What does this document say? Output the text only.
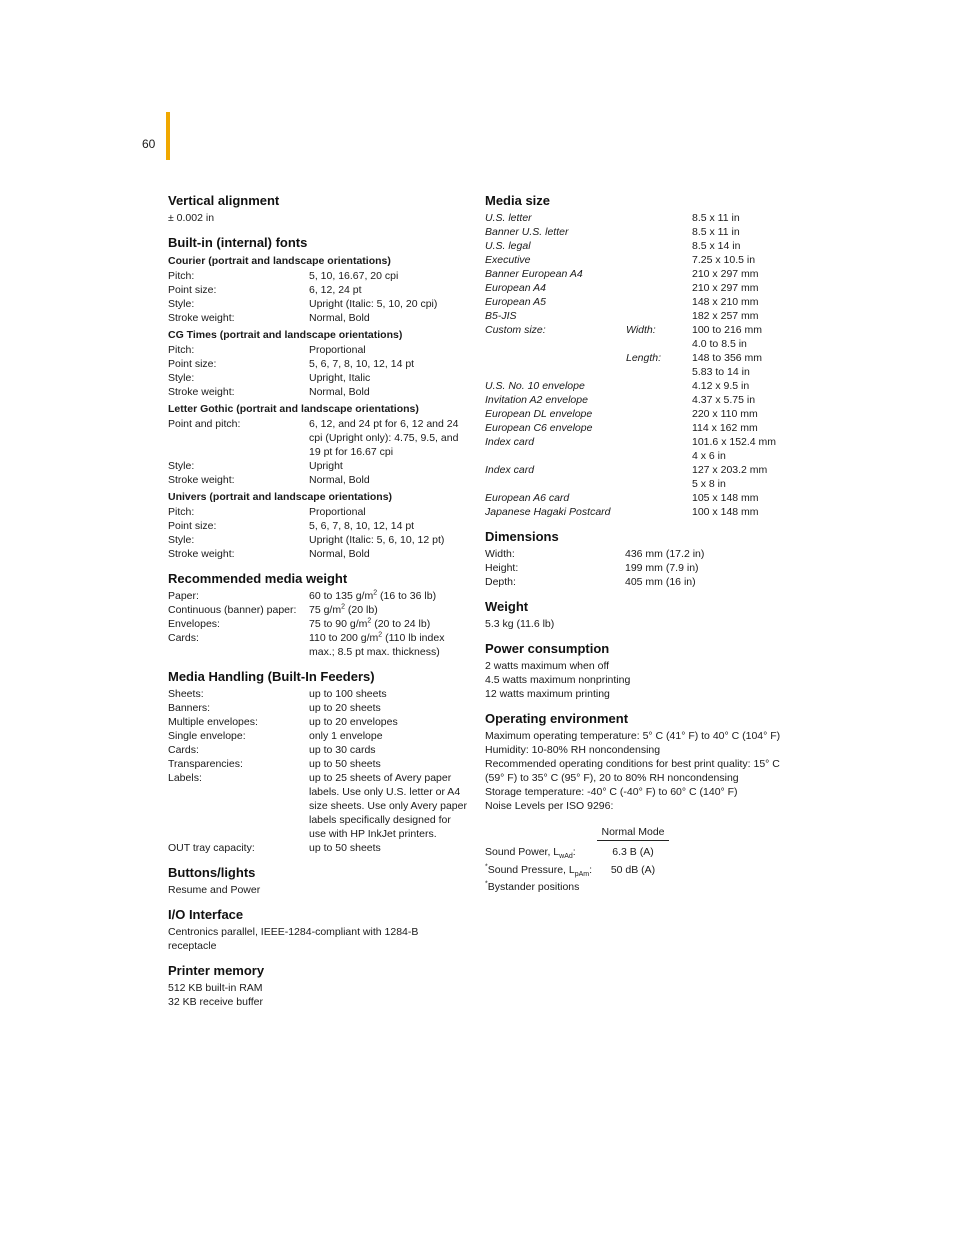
60
Vertical alignment
± 0.002 in
Built-in (internal) fonts
Courier (portrait and landscape orientations)
Pitch:	5, 10, 16.67, 20 cpi
Point size:	6, 12, 24 pt
Style:	Upright (Italic: 5, 10, 20 cpi)
Stroke weight:	Normal, Bold
CG Times (portrait and landscape orientations)
Pitch:	Proportional
Point size:	5, 6, 7, 8, 10, 12, 14 pt
Style:	Upright, Italic
Stroke weight:	Normal, Bold
Letter Gothic (portrait and landscape orientations)
Point and pitch:	6, 12, and 24 pt for 6, 12 and 24 cpi (Upright only): 4.75, 9.5, and 19 pt for 16.67 cpi
Style:	Upright
Stroke weight:	Normal, Bold
Univers (portrait and landscape orientations)
Pitch:	Proportional
Point size:	5, 6, 7, 8, 10, 12, 14 pt
Style:	Upright (Italic: 5, 6, 10, 12 pt)
Stroke weight:	Normal, Bold
Recommended media weight
Paper:	60 to 135 $g/m^2$ (16 to 36 lb)
Continuous (banner) paper:	75 $g/m^2$ (20 lb)
Envelopes:	75 to 90 $g/m^2$ (20 to 24 lb)
Cards:	110 to 200 $g/m^2$ (110 lb index max.; 8.5 pt max. thickness)
Media Handling (Built-In Feeders)
Sheets:	up to 100 sheets
Banners:	up to 20 sheets
Multiple envelopes:	up to 20 envelopes
Single envelope:	only 1 envelope
Cards:	up to 30 cards
Transparencies:	up to 50 sheets
Labels:	up to 25 sheets of Avery paper labels. Use only U.S. letter or A4 size sheets. Use only Avery paper labels specifically designed for use with HP InkJet printers.
OUT tray capacity:	up to 50 sheets
Buttons/lights
Resume and Power
I/O Interface
Centronics parallel, IEEE-1284-compliant with 1284-B receptacle
Printer memory
512 KB built-in RAM
32 KB receive buffer
Media size
U.S. letter	8.5 x 11 in
Banner U.S. letter	8.5 x 11 in
U.S. legal	8.5 x 14 in
Executive	7.25 x 10.5 in
Banner European A4	210 x 297 mm
European A4	210 x 297 mm
European A5	148 x 210 mm
B5-JIS	182 x 257 mm
Custom size:	Width:	100 to 216 mm
4.0 to 8.5 in
Length:	148 to 356 mm
5.83 to 14 in
U.S. No. 10 envelope	4.12 x 9.5 in
Invitation A2 envelope	4.37 x 5.75 in
European DL envelope	220 x 110 mm
European C6 envelope	114 x 162 mm
Index card	101.6 x 152.4 mm
4 x 6 in
Index card	127 x 203.2 mm
5 x 8 in
European A6 card	105 x 148 mm
Japanese Hagaki Postcard	100 x 148 mm
Dimensions
Width:	436 mm (17.2 in)
Height:	199 mm (7.9 in)
Depth:	405 mm (16 in)
Weight
5.3 kg (11.6 lb)
Power consumption
2 watts maximum when off
4.5 watts maximum nonprinting
12 watts maximum printing
Operating environment
Maximum operating temperature: 5° C (41° F) to 40° C (104° F)
Humidity: 10-80% RH noncondensing
Recommended operating conditions for best print quality: 15° C (59° F) to 35° C (95° F), 20 to 80% RH noncondensing
Storage temperature: -40° C (-40° F) to 60° C (140° F)
Noise Levels per ISO 9296:
Normal Mode
Sound Power, $L_{wAd}$:	6.3 B (A)
*Sound Pressure, $L_{pAm}$:	50 dB (A)
*Bystander positions
